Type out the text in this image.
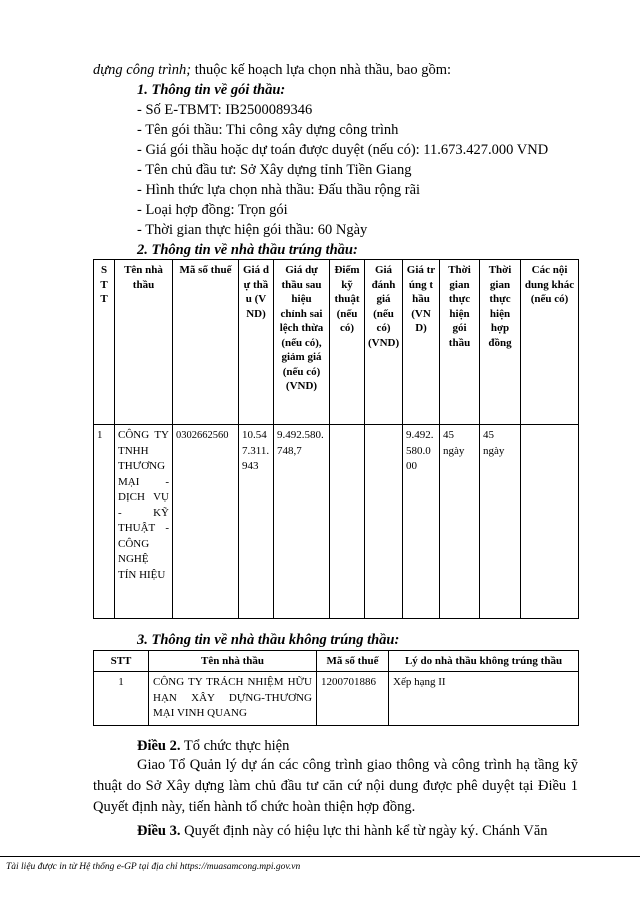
dựng công trình; thuộc kế hoạch lựa chọn nhà thầu, bao gồm:
1. Thông tin về gói thầu:
- Số E-TBMT: IB2500089346
- Tên gói thầu: Thi công xây dựng công trình
- Giá gói thầu hoặc dự toán được duyệt (nếu có): 11.673.427.000 VND
- Tên chủ đầu tư: Sở Xây dựng tỉnh Tiền Giang
- Hình thức lựa chọn nhà thầu: Đấu thầu rộng rãi
- Loại hợp đồng: Trọn gói
- Thời gian thực hiện gói thầu: 60 Ngày
2. Thông tin về nhà thầu trúng thầu:
S T T	Tên nhà thầu	Mã số thuế	Giá dự thầu (VND)	Giá dự thầu sau hiệu chỉnh sai lệch thừa (nếu có), giảm giá (nếu có) (VND)	Điểm kỹ thuật (nếu có)	Giá đánh giá (nếu có) (VND)	Giá trúng thầu (VND)	Thời gian thực hiện gói thầu	Thời gian thực hiện hợp đồng	Các nội dung khác (nếu có)
1	CÔNG TY TNHH THƯƠNG MẠI - DỊCH VỤ - KỸ THUẬT - CÔNG NGHỆ TÍN HIỆU	0302662560	10.547.311.943	9.492.580.748,7			9.492.580.000	45 ngày	45 ngày	
3. Thông tin về nhà thầu không trúng thầu:
STT	Tên nhà thầu	Mã số thuế	Lý do nhà thầu không trúng thầu
1	CÔNG TY TRÁCH NHIỆM HỮU HẠN XÂY DỰNG-THƯƠNG MẠI VINH QUANG	1200701886	Xếp hạng II
Điều 2. Tổ chức thực hiện
Giao Tổ Quản lý dự án các công trình giao thông và công trình hạ tầng kỹ thuật do Sở Xây dựng làm chủ đầu tư căn cứ nội dung được phê duyệt tại Điều 1 Quyết định này, tiến hành tổ chức hoàn thiện hợp đồng.
Điều 3. Quyết định này có hiệu lực thi hành kể từ ngày ký. Chánh Văn
Tài liệu được in từ Hệ thống e-GP tại địa chỉ https://muasamcong.mpi.gov.vn
